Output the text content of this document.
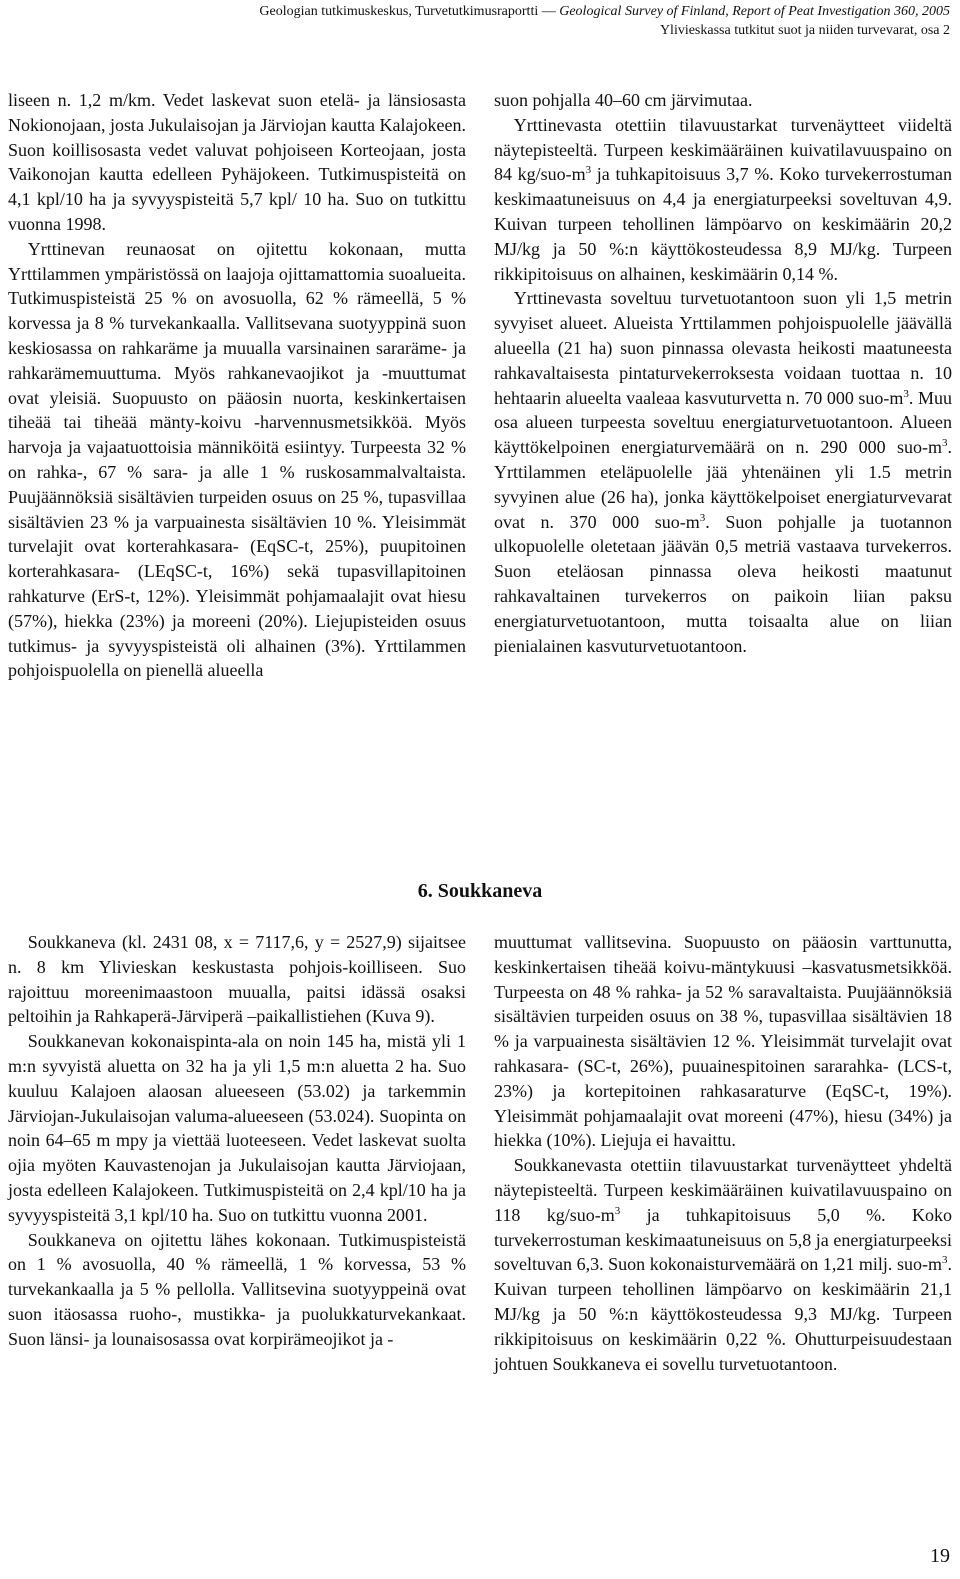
Geologian tutkimuskeskus, Turvetutkimusraportti — Geological Survey of Finland, Report of Peat Investigation 360, 2005
Ylivieskassa tutkitut suot ja niiden turvevarat, osa 2

liseen n. 1,2 m/km. Vedet laskevat suon etelä- ja länsiosasta Nokionojaan, josta Jukulaisojan ja Järviojan kautta Kalajokeen. Suon koillisosasta vedet valuvat pohjoiseen Korteojaan, josta Vaikonojan kautta edelleen Pyhäjokeen. Tutkimuspisteitä on 4,1 kpl/10 ha ja syvyyspisteitä 5,7 kpl/ 10 ha. Suo on tutkittu vuonna 1998.

Yrttinevan reunaosat on ojitettu kokonaan, mutta Yrttilammen ympäristössä on laajoja ojittamattomia suoalueita. Tutkimuspisteistä 25 % on avosuolla, 62 % rämeellä, 5 % korvessa ja 8 % turvekankaalla. Vallitsevana suotyyppinä suon keskiosassa on rahkaräme ja muualla varsinainen sararäme- ja rahkarämemuuttuma. Myös rahkanevaojikot ja -muuttumat ovat yleisiä. Suopuusto on pääosin nuorta, keskinkertaisen tiheää tai tiheää mänty-koivu -harvennusmetsikköä. Myös harvoja ja vajaatuottoisia männiköitä esiintyy. Turpeesta 32 % on rahka-, 67 % sara- ja alle 1 % ruskosammalvaltaista. Puujäännöksiä sisältävien turpeiden osuus on 25 %, tupasvillaa sisältävien 23 % ja varpuainesta sisältävien 10 %. Yleisimmät turvelajit ovat korterahkasara- (EqSC-t, 25%), puupitoinen korterahkasara- (LEqSC-t, 16%) sekä tupasvillapitoinen rahkaturve (ErS-t, 12%). Yleisimmät pohjamaalajit ovat hiesu (57%), hiekka (23%) ja moreeni (20%). Liejupisteiden osuus tutkimus- ja syvyyspisteistä oli alhainen (3%). Yrttilammen pohjoispuolella on pienellä alueella

suon pohjalla 40–60 cm järvimutaa.

Yrttinevasta otettiin tilavuustarkat turvenäytteet viideltä näytepisteeltä. Turpeen keskimääräinen kuivatilavuuspaino on 84 $kg/suo-m^3$ ja tuhkapitoisuus 3,7 %. Koko turvekerrostuman keskimaatuneisuus on 4,4 ja energiaturpeeksi soveltuvan 4,9. Kuivan turpeen tehollinen lämpöarvo on keskimäärin 20,2 MJ/kg ja 50 %:n käyttökosteudessa 8,9 MJ/kg. Turpeen rikkipitoisuus on alhainen, keskimäärin 0,14 %.

Yrttinevasta soveltuu turvetuotantoon suon yli 1,5 metrin syvyiset alueet. Alueista Yrttilammen pohjoispuolelle jäävällä alueella (21 ha) suon pinnassa olevasta heikosti maatuneesta rahkavaltaisesta pintaturvekerroksesta voidaan tuottaa n. 10 hehtaarin alueelta vaaleaa kasvuturvetta n. 70 000 suo-$m^3$. Muu osa alueen turpeesta soveltuu energiaturvetuotantoon. Alueen käyttökelpoinen energiaturvemäärä on n. 290 000 suo-$m^3$. Yrttilammen eteläpuolelle jää yhtenäinen yli 1.5 metrin syvyinen alue (26 ha), jonka käyttökelpoiset energiaturvevarat ovat n. 370 000 suo-$m^3$. Suon pohjalle ja tuotannon ulkopuolelle oletetaan jäävän 0,5 metriä vastaava turvekerros. Suon eteläosan pinnassa oleva heikosti maatunut rahkavaltainen turvekerros on paikoin liian paksu energiaturvetuotantoon, mutta toisaalta alue on liian pienialainen kasvuturvetuotantoon.

6. Soukkaneva

Soukkaneva (kl. 2431 08, x = 7117,6, y = 2527,9) sijaitsee n. 8 km Ylivieskan keskustasta pohjois-koilliseen. Suo rajoittuu moreenimaastoon muualla, paitsi idässä osaksi peltoihin ja Rahkaperä-Järviperä –paikallistiehen (Kuva 9).

Soukkanevan kokonaispinta-ala on noin 145 ha, mistä yli 1 m:n syvyistä aluetta on 32 ha ja yli 1,5 m:n aluetta 2 ha. Suo kuuluu Kalajoen alaosan alueeseen (53.02) ja tarkemmin Järviojan-Jukulaisojan valuma-alueeseen (53.024). Suopinta on noin 64–65 m mpy ja viettää luoteeseen. Vedet laskevat suolta ojia myöten Kauvastenojan ja Jukulaisojan kautta Järviojaan, josta edelleen Kalajokeen. Tutkimuspisteitä on 2,4 kpl/10 ha ja syvyyspisteitä 3,1 kpl/10 ha. Suo on tutkittu vuonna 2001.

Soukkaneva on ojitettu lähes kokonaan. Tutkimuspisteistä on 1 % avosuolla, 40 % rämeellä, 1 % korvessa, 53 % turvekankaalla ja 5 % pellolla. Vallitsevina suotyyppeinä ovat suon itäosassa ruoho-, mustikka- ja puolukkaturvekankaat. Suon länsi- ja lounaisosassa ovat korpirämeojikot ja -

muuttumat vallitsevina. Suopuusto on pääosin varttunutta, keskinkertaisen tiheää koivu-mäntykuusi –kasvatusmetsikköä. Turpeesta on 48 % rahka- ja 52 % saravaltaista. Puujäännöksiä sisältävien turpeiden osuus on 38 %, tupasvillaa sisältävien 18 % ja varpuainesta sisältävien 12 %. Yleisimmät turvelajit ovat rahkasara- (SC-t, 26%), puuainespitoinen sararahka- (LCS-t, 23%) ja kortepitoinen rahkasaraturve (EqSC-t, 19%). Yleisimmät pohjamaalajit ovat moreeni (47%), hiesu (34%) ja hiekka (10%). Liejuja ei havaittu.

Soukkanevasta otettiin tilavuustarkat turvenäytteet yhdeltä näytepisteeltä. Turpeen keskimääräinen kuivatilavuuspaino on 118 $kg/suo-m^3$ ja tuhkapitoisuus 5,0 %. Koko turvekerrostuman keskimaatuneisuus on 5,8 ja energiaturpeeksi soveltuvan 6,3. Suon kokonaisturvemäärä on 1,21 milj. suo-$m^3$. Kuivan turpeen tehollinen lämpöarvo on keskimäärin 21,1 MJ/kg ja 50 %:n käyttökosteudessa 9,3 MJ/kg. Turpeen rikkipitoisuus on keskimäärin 0,22 %. Ohutturpeisuudestaan johtuen Soukkaneva ei sovellu turvetuotantoon.

19
